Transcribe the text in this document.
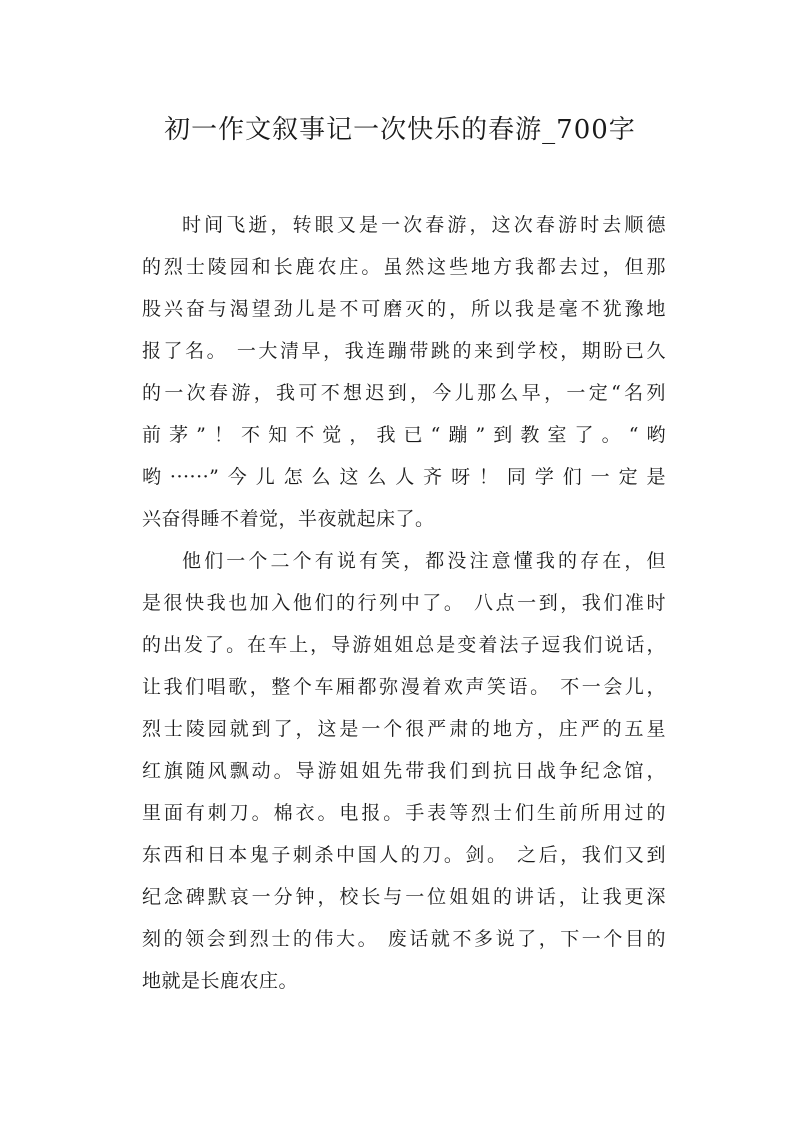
初一作文叙事记一次快乐的春游_700字
时间飞逝，转眼又是一次春游，这次春游时去顺德
的烈士陵园和长鹿农庄。虽然这些地方我都去过，但那
股兴奋与渴望劲儿是不可磨灭的，所以我是毫不犹豫地
报了名。 一大清早，我连蹦带跳的来到学校，期盼已久
的一次春游，我可不想迟到，今儿那么早，一定“名列
前茅”！不知不觉，我已“蹦”到教室了。“哟
哟······”今儿怎么这么人齐呀！同学们一定是
兴奋得睡不着觉，半夜就起床了。
他们一个二个有说有笑，都没注意懂我的存在，但
是很快我也加入他们的行列中了。 八点一到，我们准时
的出发了。在车上，导游姐姐总是变着法子逗我们说话，
让我们唱歌，整个车厢都弥漫着欢声笑语。 不一会儿，
烈士陵园就到了，这是一个很严肃的地方，庄严的五星
红旗随风飘动。导游姐姐先带我们到抗日战争纪念馆，
里面有刺刀。棉衣。电报。手表等烈士们生前所用过的
东西和日本鬼子刺杀中国人的刀。剑。 之后，我们又到
纪念碑默哀一分钟，校长与一位姐姐的讲话，让我更深
刻的领会到烈士的伟大。 废话就不多说了，下一个目的
地就是长鹿农庄。
